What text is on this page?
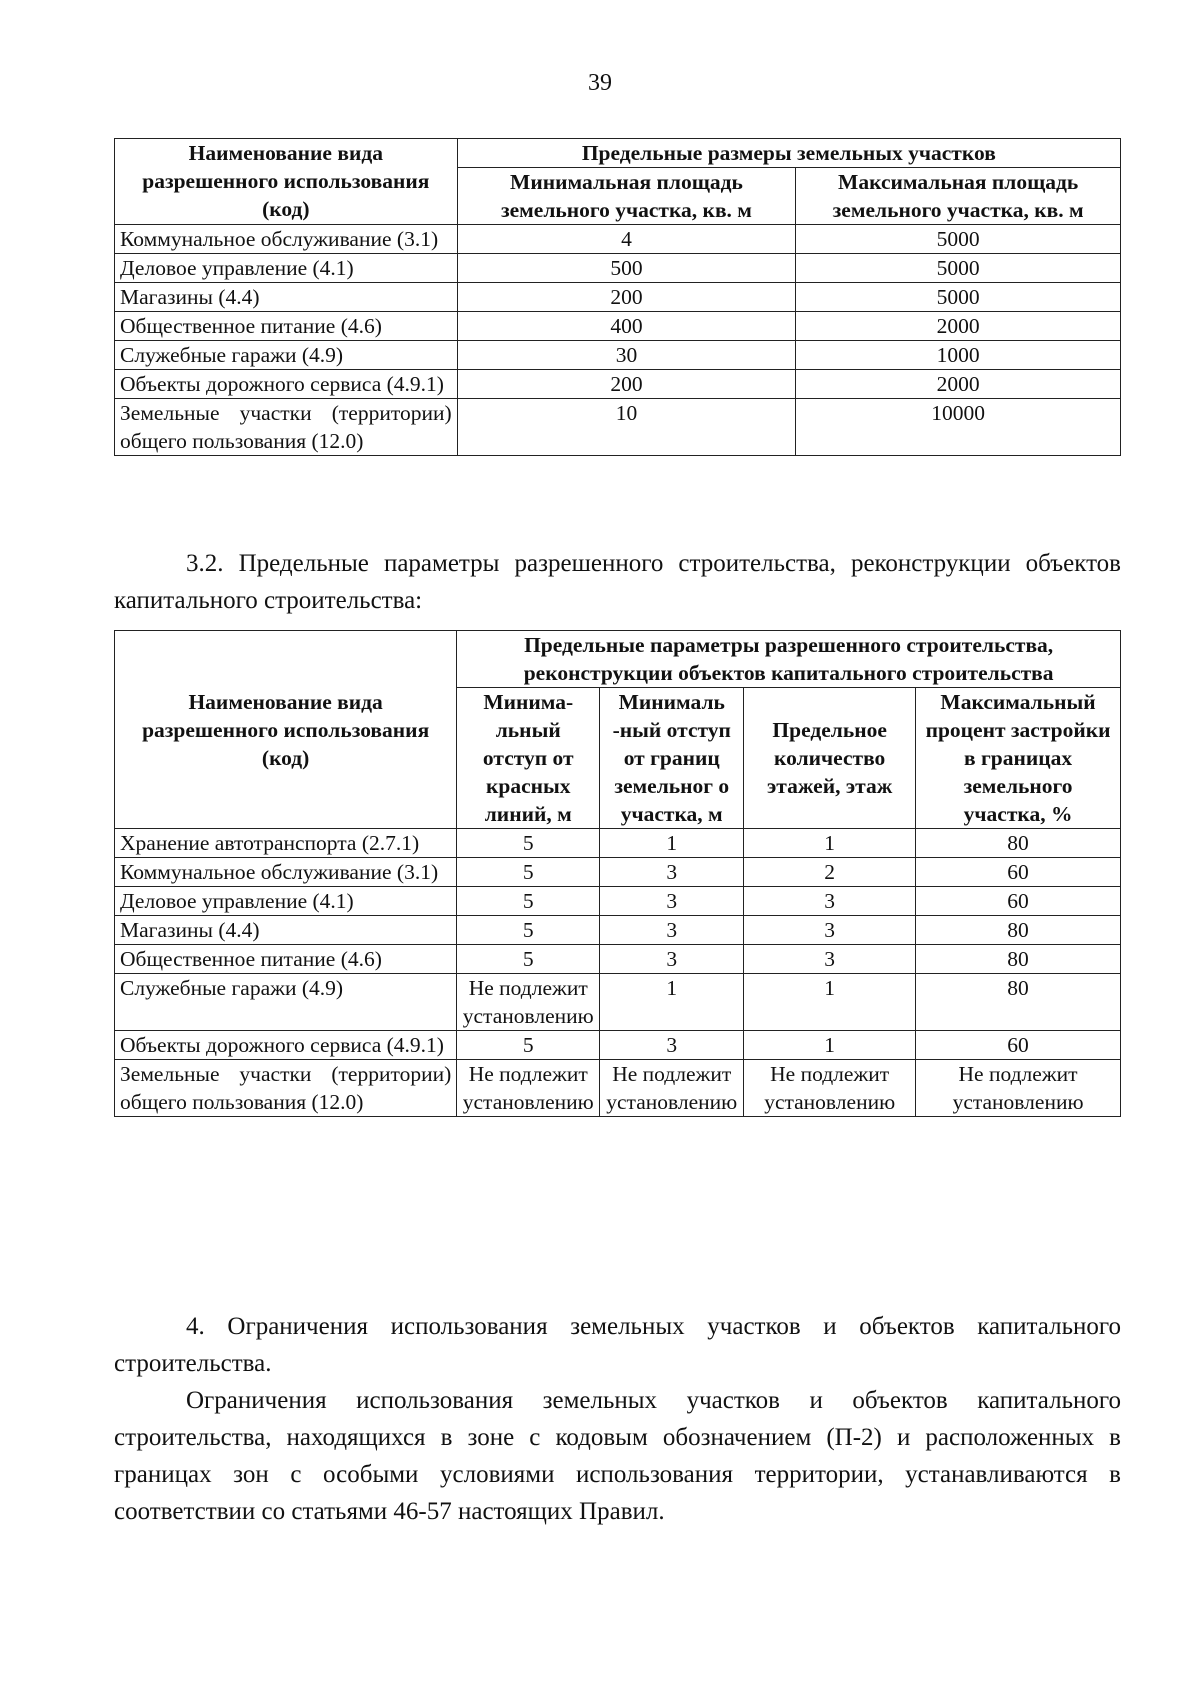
39
Наименование вида разрешенного использования (код)	Предельные размеры земельных участков	
	Минимальная площадь земельного участка, кв. м	Максимальная площадь земельного участка, кв. м
Коммунальное обслуживание (3.1)	4	5000
Деловое управление (4.1)	500	5000
Магазины (4.4)	200	5000
Общественное питание (4.6)	400	2000
Служебные гаражи (4.9)	30	1000
Объекты дорожного сервиса (4.9.1)	200	2000
Земельные участки (территории) общего пользования (12.0)	10	10000

3.2. Предельные параметры разрешенного строительства, реконструкции объектов капитального строительства:

Наименование вида разрешенного использования (код)	Предельные параметры разрешенного строительства, реконструкции объектов капитального строительства			
	Минима-льный отступ от красных линий, м	Минималь -ный отступ от границ земельног о участка, м	Предельное количество этажей, этаж	Максимальный процент застройки в границах земельного участка, %
Хранение автотранспорта (2.7.1)	5	1	1	80
Коммунальное обслуживание (3.1)	5	3	2	60
Деловое управление (4.1)	5	3	3	60
Магазины (4.4)	5	3	3	80
Общественное питание (4.6)	5	3	3	80
Служебные гаражи (4.9)	Не подлежит установлению	1	1	80
Объекты дорожного сервиса (4.9.1)	5	3	1	60
Земельные участки (территории) общего пользования (12.0)	Не подлежит установлению	Не подлежит установлению	Не подлежит установлению	Не подлежит установлению

4. Ограничения использования земельных участков и объектов капитального строительства.

Ограничения использования земельных участков и объектов капитального строительства, находящихся в зоне с кодовым обозначением (П-2) и расположенных в границах зон с особыми условиями использования территории, устанавливаются в соответствии со статьями 46-57 настоящих Правил.
